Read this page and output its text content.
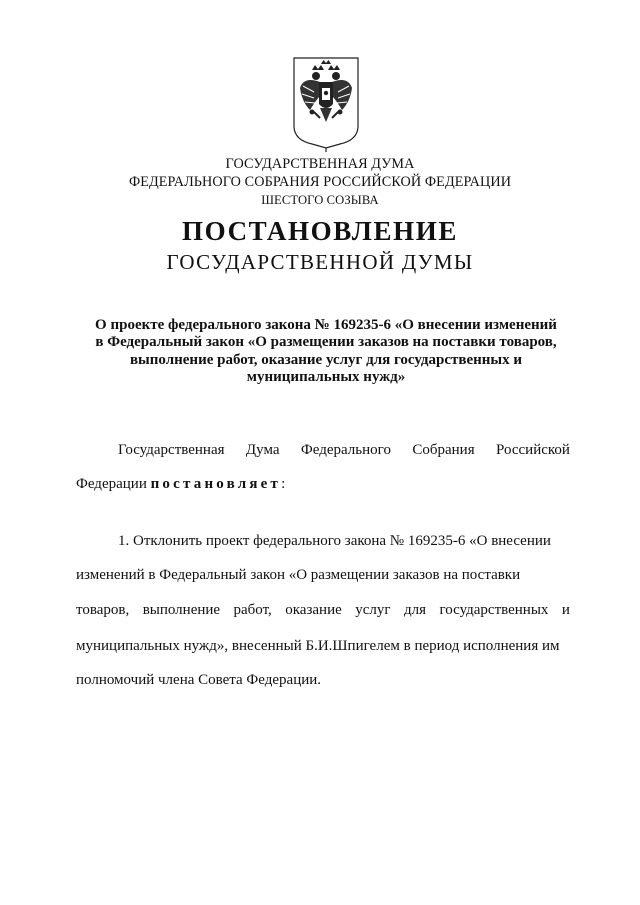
ГОСУДАРСТВЕННАЯ ДУМА
ФЕДЕРАЛЬНОГО СОБРАНИЯ РОССИЙСКОЙ ФЕДЕРАЦИИ
ШЕСТОГО СОЗЫВА
ПОСТАНОВЛЕНИЕ
ГОСУДАРСТВЕННОЙ ДУМЫ
О проекте федерального закона № 169235-6 «О внесении изменений
в Федеральный закон «О размещении заказов на поставки товаров,
выполнение работ, оказание услуг для государственных и
муниципальных нужд»
Государственная Дума Федерального Собрания Российской
Федерации постановляет:
1. Отклонить проект федерального закона № 169235-6 «О внесении
изменений в Федеральный закон «О размещении заказов на поставки
товаров, выполнение работ, оказание услуг для государственных и
муниципальных нужд», внесенный Б.И.Шпигелем в период исполнения им
полномочий члена Совета Федерации.
